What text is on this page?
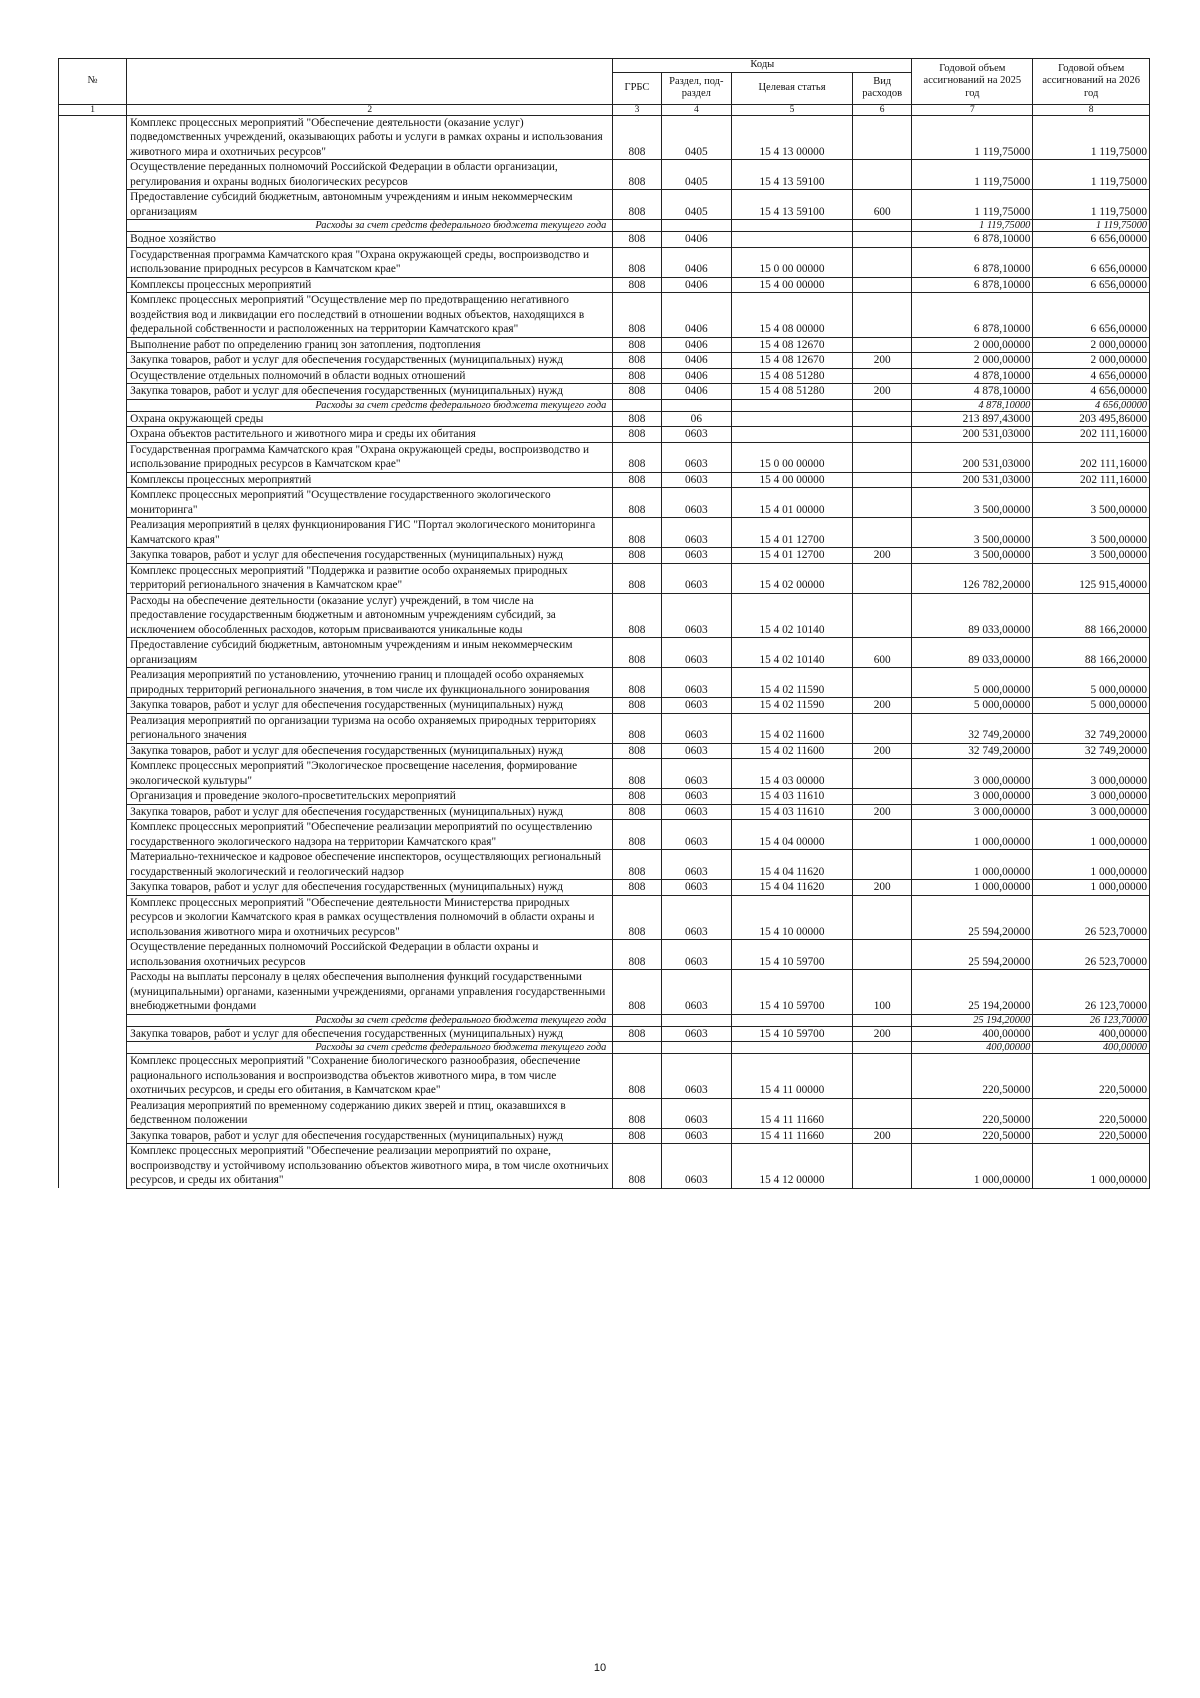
№		Коды				Годовой объем ассигнований на 2025 год	Годовой объем ассигнований на 2026 год
		ГРБС	Раздел, под-раздел	Целевая статья	Вид расходов		
1	2	3	4	5	6	7	8
	Комплекс процессных мероприятий "Обеспечение деятельности (оказание услуг) подведомственных учреждений, оказывающих работы и услуги в рамках охраны и использования животного мира и охотничьих ресурсов"	808	0405	15 4 13 00000		1 119,75000	1 119,75000
	Осуществление переданных полномочий Российской Федерации в области организации, регулирования и охраны водных биологических ресурсов	808	0405	15 4 13 59100		1 119,75000	1 119,75000
	Предоставление субсидий бюджетным, автономным учреждениям и иным некоммерческим организациям	808	0405	15 4 13 59100	600	1 119,75000	1 119,75000
	Расходы за счет средств федерального бюджета текущего года					1 119,75000	1 119,75000
	Водное хозяйство	808	0406			6 878,10000	6 656,00000
	Государственная программа Камчатского края "Охрана окружающей среды, воспроизводство и использование природных ресурсов в Камчатском крае"	808	0406	15 0 00 00000		6 878,10000	6 656,00000
	Комплексы процессных мероприятий	808	0406	15 4 00 00000		6 878,10000	6 656,00000
	Комплекс процессных мероприятий "Осуществление мер по предотвращению негативного воздействия вод и ликвидации его последствий в отношении водных объектов, находящихся в федеральной собственности и расположенных на территории Камчатского края"	808	0406	15 4 08 00000		6 878,10000	6 656,00000
	Выполнение работ по определению границ зон затопления, подтопления	808	0406	15 4 08 12670		2 000,00000	2 000,00000
	Закупка товаров, работ и услуг для обеспечения государственных (муниципальных) нужд	808	0406	15 4 08 12670	200	2 000,00000	2 000,00000
	Осуществление отдельных полномочий в области водных отношений	808	0406	15 4 08 51280		4 878,10000	4 656,00000
	Закупка товаров, работ и услуг для обеспечения государственных (муниципальных) нужд	808	0406	15 4 08 51280	200	4 878,10000	4 656,00000
	Расходы за счет средств федерального бюджета текущего года					4 878,10000	4 656,00000
	Охрана окружающей среды	808	06			213 897,43000	203 495,86000
	Охрана объектов растительного и животного мира и среды их обитания	808	0603			200 531,03000	202 111,16000
	Государственная программа Камчатского края "Охрана окружающей среды, воспроизводство и использование природных ресурсов в Камчатском крае"	808	0603	15 0 00 00000		200 531,03000	202 111,16000
	Комплексы процессных мероприятий	808	0603	15 4 00 00000		200 531,03000	202 111,16000
	Комплекс процессных мероприятий "Осуществление государственного экологического мониторинга"	808	0603	15 4 01 00000		3 500,00000	3 500,00000
	Реализация мероприятий в целях функционирования ГИС "Портал экологического мониторинга Камчатского края"	808	0603	15 4 01 12700		3 500,00000	3 500,00000
	Закупка товаров, работ и услуг для обеспечения государственных (муниципальных) нужд	808	0603	15 4 01 12700	200	3 500,00000	3 500,00000
	Комплекс процессных мероприятий "Поддержка и развитие особо охраняемых природных территорий регионального значения в Камчатском крае"	808	0603	15 4 02 00000		126 782,20000	125 915,40000
	Расходы на обеспечение деятельности (оказание услуг) учреждений, в том числе на предоставление государственным бюджетным и автономным учреждениям субсидий, за исключением обособленных расходов, которым присваиваются уникальные коды	808	0603	15 4 02 10140		89 033,00000	88 166,20000
	Предоставление субсидий бюджетным, автономным учреждениям и иным некоммерческим организациям	808	0603	15 4 02 10140	600	89 033,00000	88 166,20000
	Реализация мероприятий по установлению, уточнению границ и площадей особо охраняемых природных территорий регионального значения, в том числе их функционального зонирования	808	0603	15 4 02 11590		5 000,00000	5 000,00000
	Закупка товаров, работ и услуг для обеспечения государственных (муниципальных) нужд	808	0603	15 4 02 11590	200	5 000,00000	5 000,00000
	Реализация мероприятий по организации туризма на особо охраняемых природных территориях регионального значения	808	0603	15 4 02 11600		32 749,20000	32 749,20000
	Закупка товаров, работ и услуг для обеспечения государственных (муниципальных) нужд	808	0603	15 4 02 11600	200	32 749,20000	32 749,20000
	Комплекс процессных мероприятий "Экологическое просвещение населения, формирование экологической культуры"	808	0603	15 4 03 00000		3 000,00000	3 000,00000
	Организация и проведение эколого-просветительских мероприятий	808	0603	15 4 03 11610		3 000,00000	3 000,00000
	Закупка товаров, работ и услуг для обеспечения государственных (муниципальных) нужд	808	0603	15 4 03 11610	200	3 000,00000	3 000,00000
	Комплекс процессных мероприятий "Обеспечение реализации мероприятий по осуществлению государственного экологического надзора на территории Камчатского края"	808	0603	15 4 04 00000		1 000,00000	1 000,00000
	Материально-техническое и кадровое обеспечение инспекторов, осуществляющих региональный государственный экологический и геологический надзор	808	0603	15 4 04 11620		1 000,00000	1 000,00000
	Закупка товаров, работ и услуг для обеспечения государственных (муниципальных) нужд	808	0603	15 4 04 11620	200	1 000,00000	1 000,00000
	Комплекс процессных мероприятий "Обеспечение деятельности Министерства природных ресурсов и экологии Камчатского края в рамках осуществления полномочий в области охраны и использования животного мира и охотничьих ресурсов"	808	0603	15 4 10 00000		25 594,20000	26 523,70000
	Осуществление переданных полномочий Российской Федерации в области охраны и использования охотничьих ресурсов	808	0603	15 4 10 59700		25 594,20000	26 523,70000
	Расходы на выплаты персоналу в целях обеспечения выполнения функций государственными (муниципальными) органами, казенными учреждениями, органами управления государственными внебюджетными фондами	808	0603	15 4 10 59700	100	25 194,20000	26 123,70000
	Расходы за счет средств федерального бюджета текущего года					25 194,20000	26 123,70000
	Закупка товаров, работ и услуг для обеспечения государственных (муниципальных) нужд	808	0603	15 4 10 59700	200	400,00000	400,00000
	Расходы за счет средств федерального бюджета текущего года					400,00000	400,00000
	Комплекс процессных мероприятий "Сохранение биологического разнообразия, обеспечение рационального использования и воспроизводства объектов животного мира, в том числе охотничьих ресурсов, и среды его обитания, в Камчатском крае"	808	0603	15 4 11 00000		220,50000	220,50000
	Реализация мероприятий по временному содержанию диких зверей и птиц, оказавшихся в бедственном положении	808	0603	15 4 11 11660		220,50000	220,50000
	Закупка товаров, работ и услуг для обеспечения государственных (муниципальных) нужд	808	0603	15 4 11 11660	200	220,50000	220,50000
	Комплекс процессных мероприятий "Обеспечение реализации мероприятий по охране, воспроизводству и устойчивому использованию объектов животного мира, в том числе охотничьих ресурсов, и среды их обитания"	808	0603	15 4 12 00000		1 000,00000	1 000,00000
10
